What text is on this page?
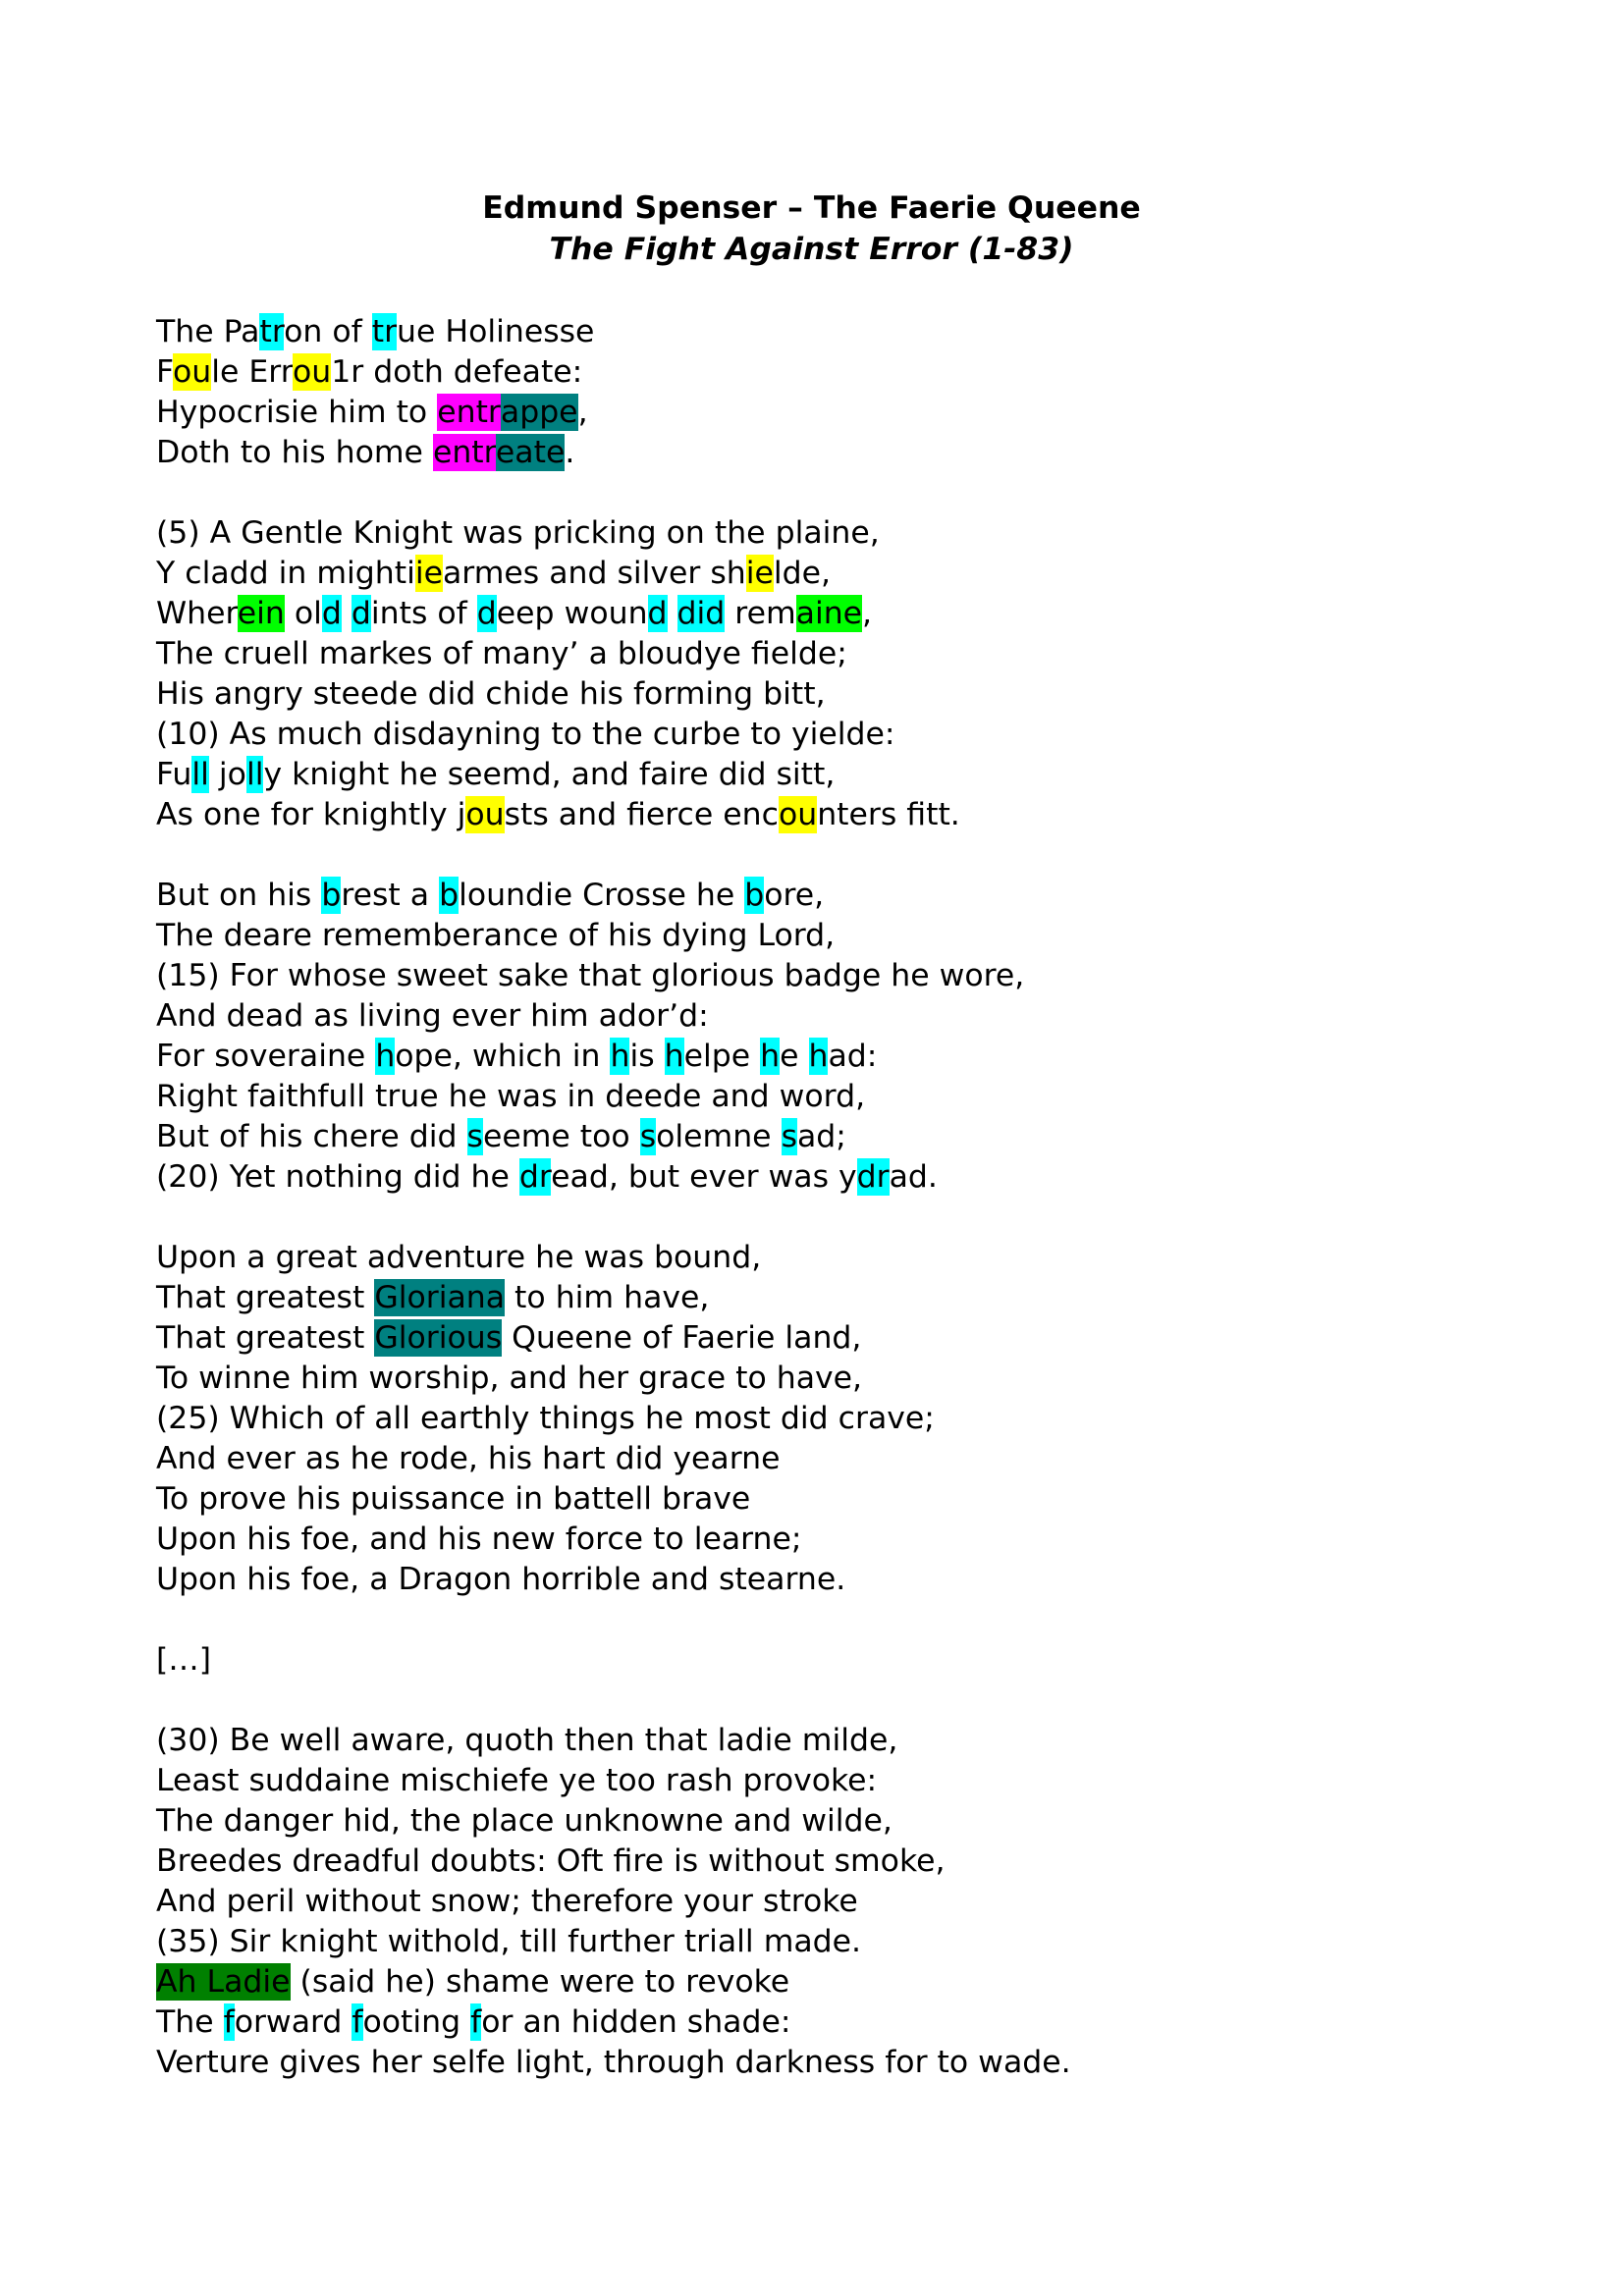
Edmund Spenser – The Faerie Queene
The Fight Against Error (1-83)
The Patron of true Holinesse
Foule Errou1r doth defeate:
Hypocrisie him to entrappe,
Doth to his home entreate.
(5) A Gentle Knight was pricking on the plaine,
Y cladd in mightiiearmes and silver shielde,
Wherein old dints of deep wound did remaine,
The cruell markes of many’ a bloudye fielde;
His angry steede did chide his forming bitt,
(10) As much disdayning to the curbe to yielde:
Full jolly knight he seemd, and faire did sitt,
As one for knightly jousts and fierce encounters fitt.
But on his brest a bloundie Crosse he bore,
The deare rememberance of his dying Lord,
(15) For whose sweet sake that glorious badge he wore,
And dead as living ever him ador’d:
For soveraine hope, which in his helpe he had:
Right faithfull true he was in deede and word,
But of his chere did seeme too solemne sad;
(20) Yet nothing did he dread, but ever was ydrad.
Upon a great adventure he was bound,
That greatest Gloriana to him have,
That greatest Glorious Queene of Faerie land,
To winne him worship, and her grace to have,
(25) Which of all earthly things he most did crave;
And ever as he rode, his hart did yearne
To prove his puissance in battell brave
Upon his foe, and his new force to learne;
Upon his foe, a Dragon horrible and stearne.
[…]
(30) Be well aware, quoth then that ladie milde,
Least suddaine mischiefe ye too rash provoke:
The danger hid, the place unknowne and wilde,
Breedes dreadful doubts: Oft fire is without smoke,
And peril without snow; therefore your stroke
(35) Sir knight withold, till further triall made.
Ah Ladie (said he) shame were to revoke
The forward footing for an hidden shade:
Verture gives her selfe light, through darkness for to wade.
